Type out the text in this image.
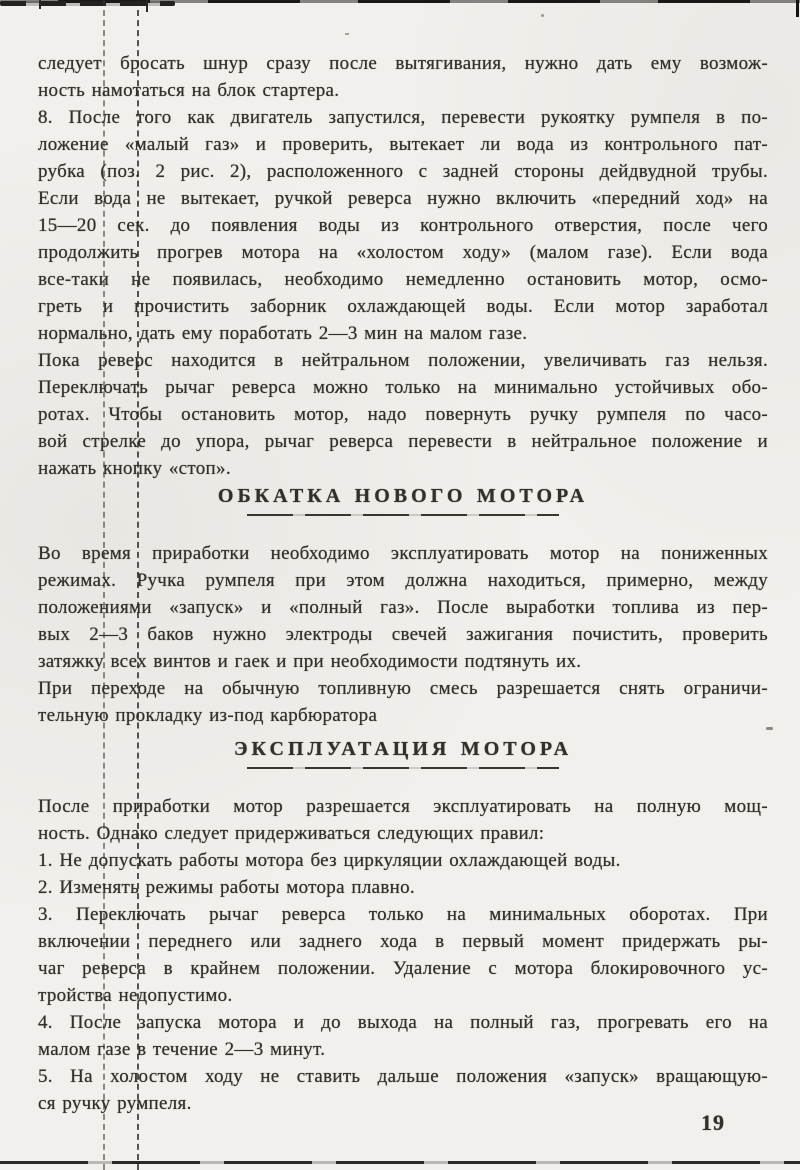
следует бросать шнур сразу после вытягивания, нужно дать ему возмож-
ность намотаться на блок стартера.
8. После того как двигатель запустился, перевести рукоятку румпеля в по-
ложение «малый газ» и проверить, вытекает ли вода из контрольного пат-
рубка (поз. 2 рис. 2), расположенного с задней стороны дейдвудной трубы.
Если вода не вытекает, ручкой реверса нужно включить «передний ход» на
15—20 сек. до появления воды из контрольного отверстия, после чего
продолжить прогрев мотора на «холостом ходу» (малом газе). Если вода
все-таки не появилась, необходимо немедленно остановить мотор, осмо-
греть и прочистить заборник охлаждающей воды. Если мотор заработал
нормально, дать ему поработать 2—3 мин на малом газе.
Пока реверс находится в нейтральном положении, увеличивать газ нельзя.
Переключать рычаг реверса можно только на минимально устойчивых обо-
ротах. Чтобы остановить мотор, надо повернуть ручку румпеля по часо-
вой стрелке до упора, рычаг реверса перевести в нейтральное положение и
нажать кнопку «стоп».
ОБКАТКА НОВОГО МОТОРА
Во время приработки необходимо эксплуатировать мотор на пониженных
режимах. Ручка румпеля при этом должна находиться, примерно, между
положениями «запуск» и «полный газ». После выработки топлива из пер-
вых 2—3 баков нужно электроды свечей зажигания почистить, проверить
затяжку всех винтов и гаек и при необходимости подтянуть их.
При переходе на обычную топливную смесь разрешается снять ограничи-
тельную прокладку из-под карбюратора
ЭКСПЛУАТАЦИЯ МОТОРА
После приработки мотор разрешается эксплуатировать на полную мощ-
ность. Однако следует придерживаться следующих правил:
1. Не допускать работы мотора без циркуляции охлаждающей воды.
2. Изменять режимы работы мотора плавно.
3. Переключать рычаг реверса только на минимальных оборотах. При
включении переднего или заднего хода в первый момент придержать ры-
чаг реверса в крайнем положении. Удаление с мотора блокировочного ус-
тройства недопустимо.
4. После запуска мотора и до выхода на полный газ, прогревать его на
малом газе в течение 2—3 минут.
5. На холостом ходу не ставить дальше положения «запуск» вращающую-
ся ручку румпеля.
19
